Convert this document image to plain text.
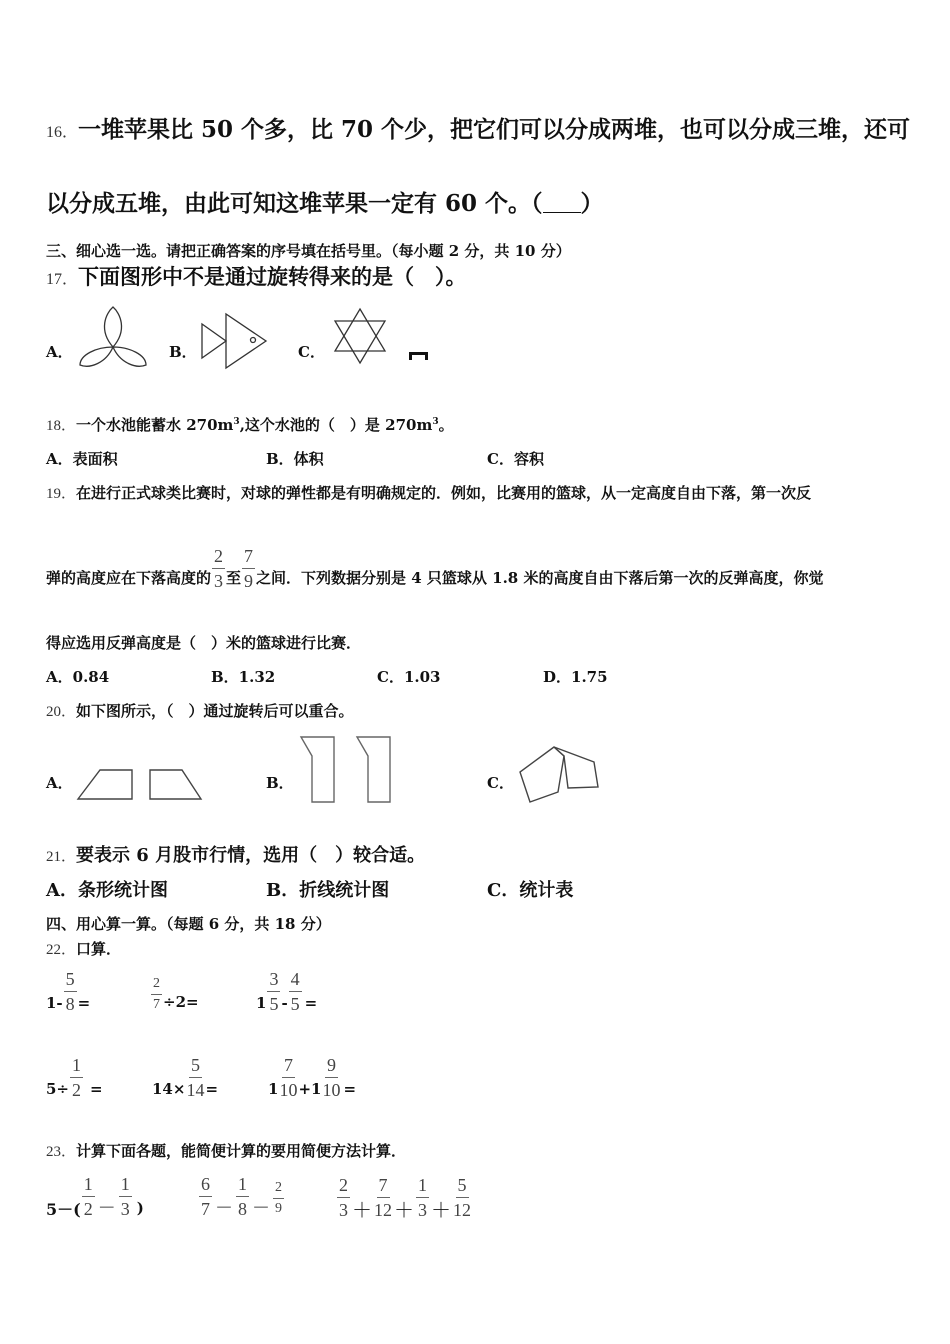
16．一堆苹果比 50 个多，比 70 个少，把它们可以分成两堆，也可以分成三堆，还可
以分成五堆，由此可知这堆苹果一定有 60 个。（ ）
三、细心选一选。请把正确答案的序号填在括号里。（每小题 2 分，共 10 分）
17．下面图形中不是通过旋转得来的是（　）。
A．	B．	C．
18．一个水池能蓄水 $270m^3$,这个水池的（　）是 $270m^3$。
A．表面积	B．体积	C．容积
19．在进行正式球类比赛时，对球的弹性都是有明确规定的．例如，比赛用的篮球，从一定高度自由下落，第一次反
弹的高度应在下落高度的 $\frac{2}{3}$ 至 $\frac{7}{9}$ 之间．下列数据分别是 4 只篮球从 1.8 米的高度自由下落后第一次的反弹高度，你觉
得应选用反弹高度是（　）米的篮球进行比赛．
A．0.84	B．1.32	C．1.03	D．1.75
20．如下图所示，（　）通过旋转后可以重合。
A．	B．	C．
21．要表示 6 月股市行情，选用（　）较合适。
A．条形统计图	B．折线统计图	C．统计表
四、用心算一算。（每题 6 分，共 18 分）
22．口算．
$1- \frac{5}{8}$ =	$\frac{2}{7} \div 2=$	$1 \frac{3}{5} - \frac{4}{5}$ =
$5\div \frac{1}{2}$ =	$14\times \frac{5}{14}$ =	$1 \frac{7}{10} +1 \frac{9}{10}$ =
23．计算下面各题，能简便计算的要用简便方法计算．
$5-( \frac{1}{2} - \frac{1}{3}$ )	$\frac{6}{7} - \frac{1}{8} - \frac{2}{9}$	$\frac{2}{3} + \frac{7}{12} + \frac{1}{3} + \frac{5}{12}$
